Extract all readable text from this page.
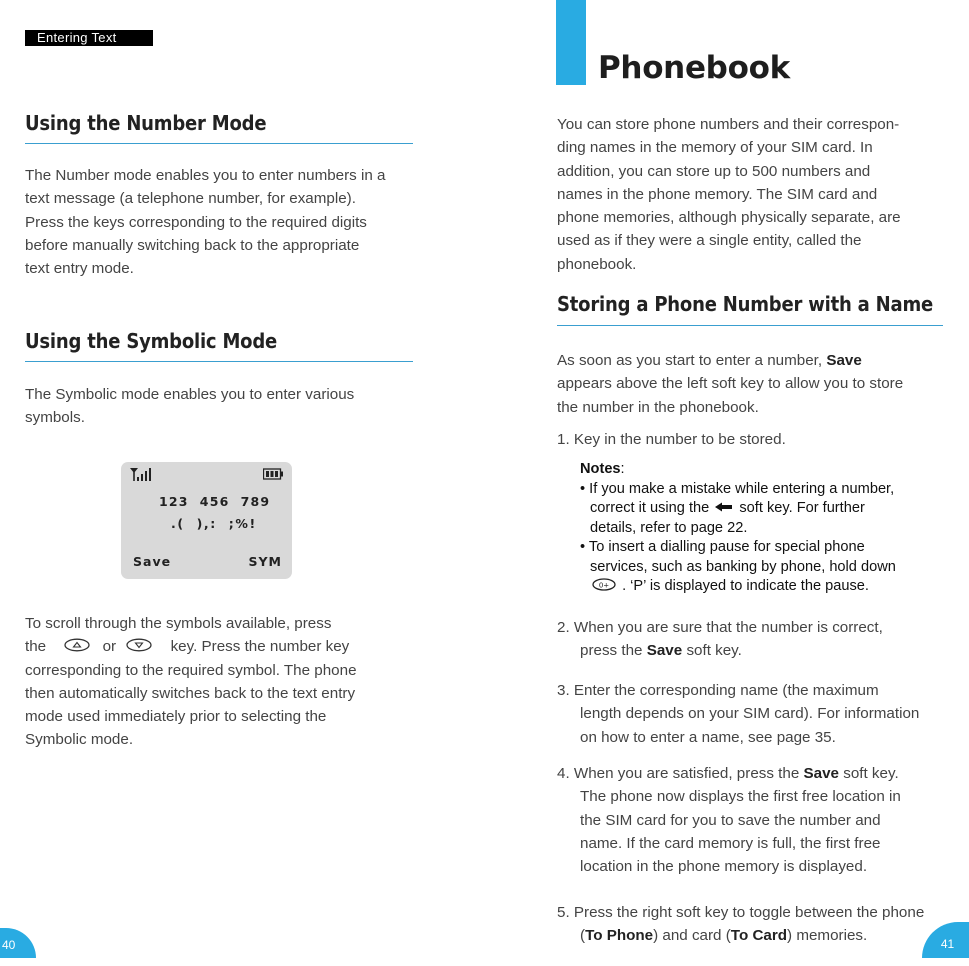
Entering Text
Using the Number Mode
The Number mode enables you to enter numbers in a
text message (a telephone number, for example).
Press the keys corresponding to the required digits
before manually switching back to the appropriate
text entry mode.
Using the Symbolic Mode
The Symbolic mode enables you to enter various
symbols.
123  456  789
.(  ),:  ;%!
Save	SYM
To scroll through the symbols available, press
the	or	key. Press the number key
corresponding to the required symbol. The phone
then automatically switches back to the text entry
mode used immediately prior to selecting the
Symbolic mode.
40
Phonebook
You can store phone numbers and their correspon-
ding names in the memory of your SIM card. In
addition, you can store up to 500 numbers and
names in the phone memory. The SIM card and
phone memories, although physically separate, are
used as if they were a single entity, called the
phonebook.
Storing a Phone Number with a Name
As soon as you start to enter a number, Save
appears above the left soft key to allow you to store
the number in the phonebook.
1. Key in the number to be stored.
Notes:
• If you make a mistake while entering a number,
correct it using the soft key. For further
details, refer to page 22.
• To insert a dialling pause for special phone
services, such as banking by phone, hold down
0+ . ‘P’ is displayed to indicate the pause.
2. When you are sure that the number is correct,
press the Save soft key.
3. Enter the corresponding name (the maximum
length depends on your SIM card). For information
on how to enter a name, see page 35.
4. When you are satisfied, press the Save soft key.
The phone now displays the first free location in
the SIM card for you to save the number and
name. If the card memory is full, the first free
location in the phone memory is displayed.
5. Press the right soft key to toggle between the phone
(To Phone) and card (To Card) memories.	41
